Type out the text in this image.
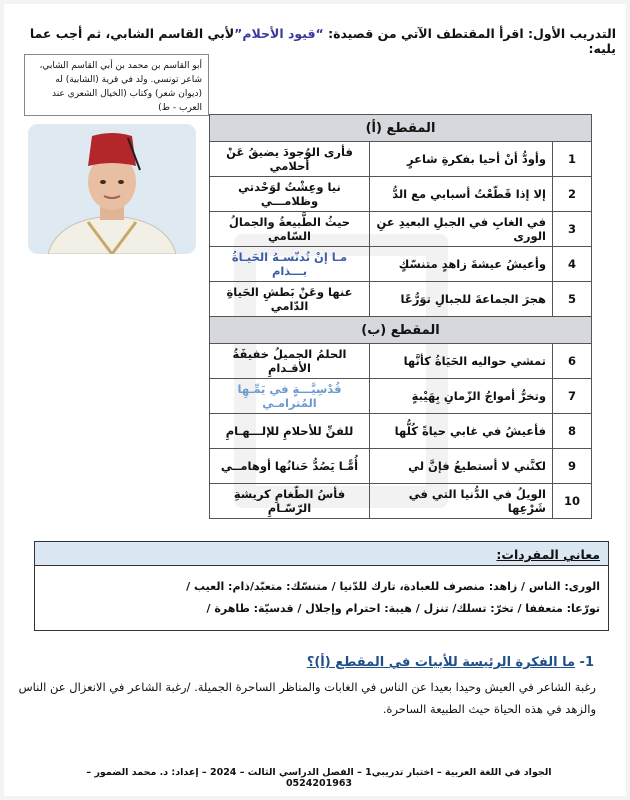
التدريب الأول: اقرأ المقتطف الآتي من قصيدة: “قيود الأحلام”لأبي القاسم الشابي، ثم أجب عما يليه:
أبو القاسم بن محمد بن أبي القاسم الشابي، شاعر تونسي. ولد في قرية (الشابية) له (ديوان شعر) وكتاب (الخيال الشعري عند العرب - ط)
المقطع (أ)		
1	وأودُّ أنْ أحيا بفكرةِ شاعرٍ	فأرى الوُجودَ يضيقُ عَنْ أحلامي
2	إلا إذا قَطّعْتُ أسبابي مع الدُّ	نيا وعِشْتُ لوَحْدتي وظلامـــي
3	في الغابِ في الجبلِ البعيدِ عنِ الورى	حيثُ الطَّبيعةُ والجمالُ السّامي
4	وأعيشُ عيشةَ زاهدٍ متنسّكٍ	مـا إنْ تُدنّسـهُ الحَيـاةُ بـــذام
5	هجرَ الجماعةَ للجبالِ توَرُّعًا	عنها وعَنْ بَطشِ الحَياةِ الدّامي
المقطع (ب)		
6	تمشي حواليه الحَيَاةُ كأنَّها	الحلمُ الجميلُ خفيفَةُ الأقـدامِ
7	وتخرُّ أمواجُ الزّمانِ بِهَيْبةٍ	قُدْسِيَّـــةٍ في يَمِّـهِا المُترامـي
8	فأعيشُ في غابي حياةً كُلُّها	للفنِّ للأحلامِ للإلـــهـامِ
9	لكنَّني لا أستطيعُ فإنَّ لي	أُمًّـا يَصُدُّ حَنانُها أوهامــي
10	الويلُ في الدُّنيا التي في شَرْعِها	فأسُ الطّغامِ كريشةِ الرّسّـامِ
معاني المفردات:
الورى: الناس / زاهد: منصرف للعبادة، تارك للدّنيا / متنسّك: متعبّد/ذام: العيب /
تورّعا: متعففا / تخرّ: تسلك/ تنزل / هيبة: احترام وإجلال / قدسيّة: طاهرة /
1- ما الفكرة الرئيسة للأبيات في المقطع (أ)؟
رغبة الشاعر في العيش وحيدا بعيدا عن الناس في الغابات والمناظر الساحرة الجميلة. /رغبة الشاعر في الانعزال عن الناس والزهد في هذه الحياة حيث الطبيعة الساحرة.
الجواد في اللغة العربية – اختبار تدريبي1 – الفصل الدراسي الثالث – 2024 – إعداد: د. محمد الضمور – 0524201963
